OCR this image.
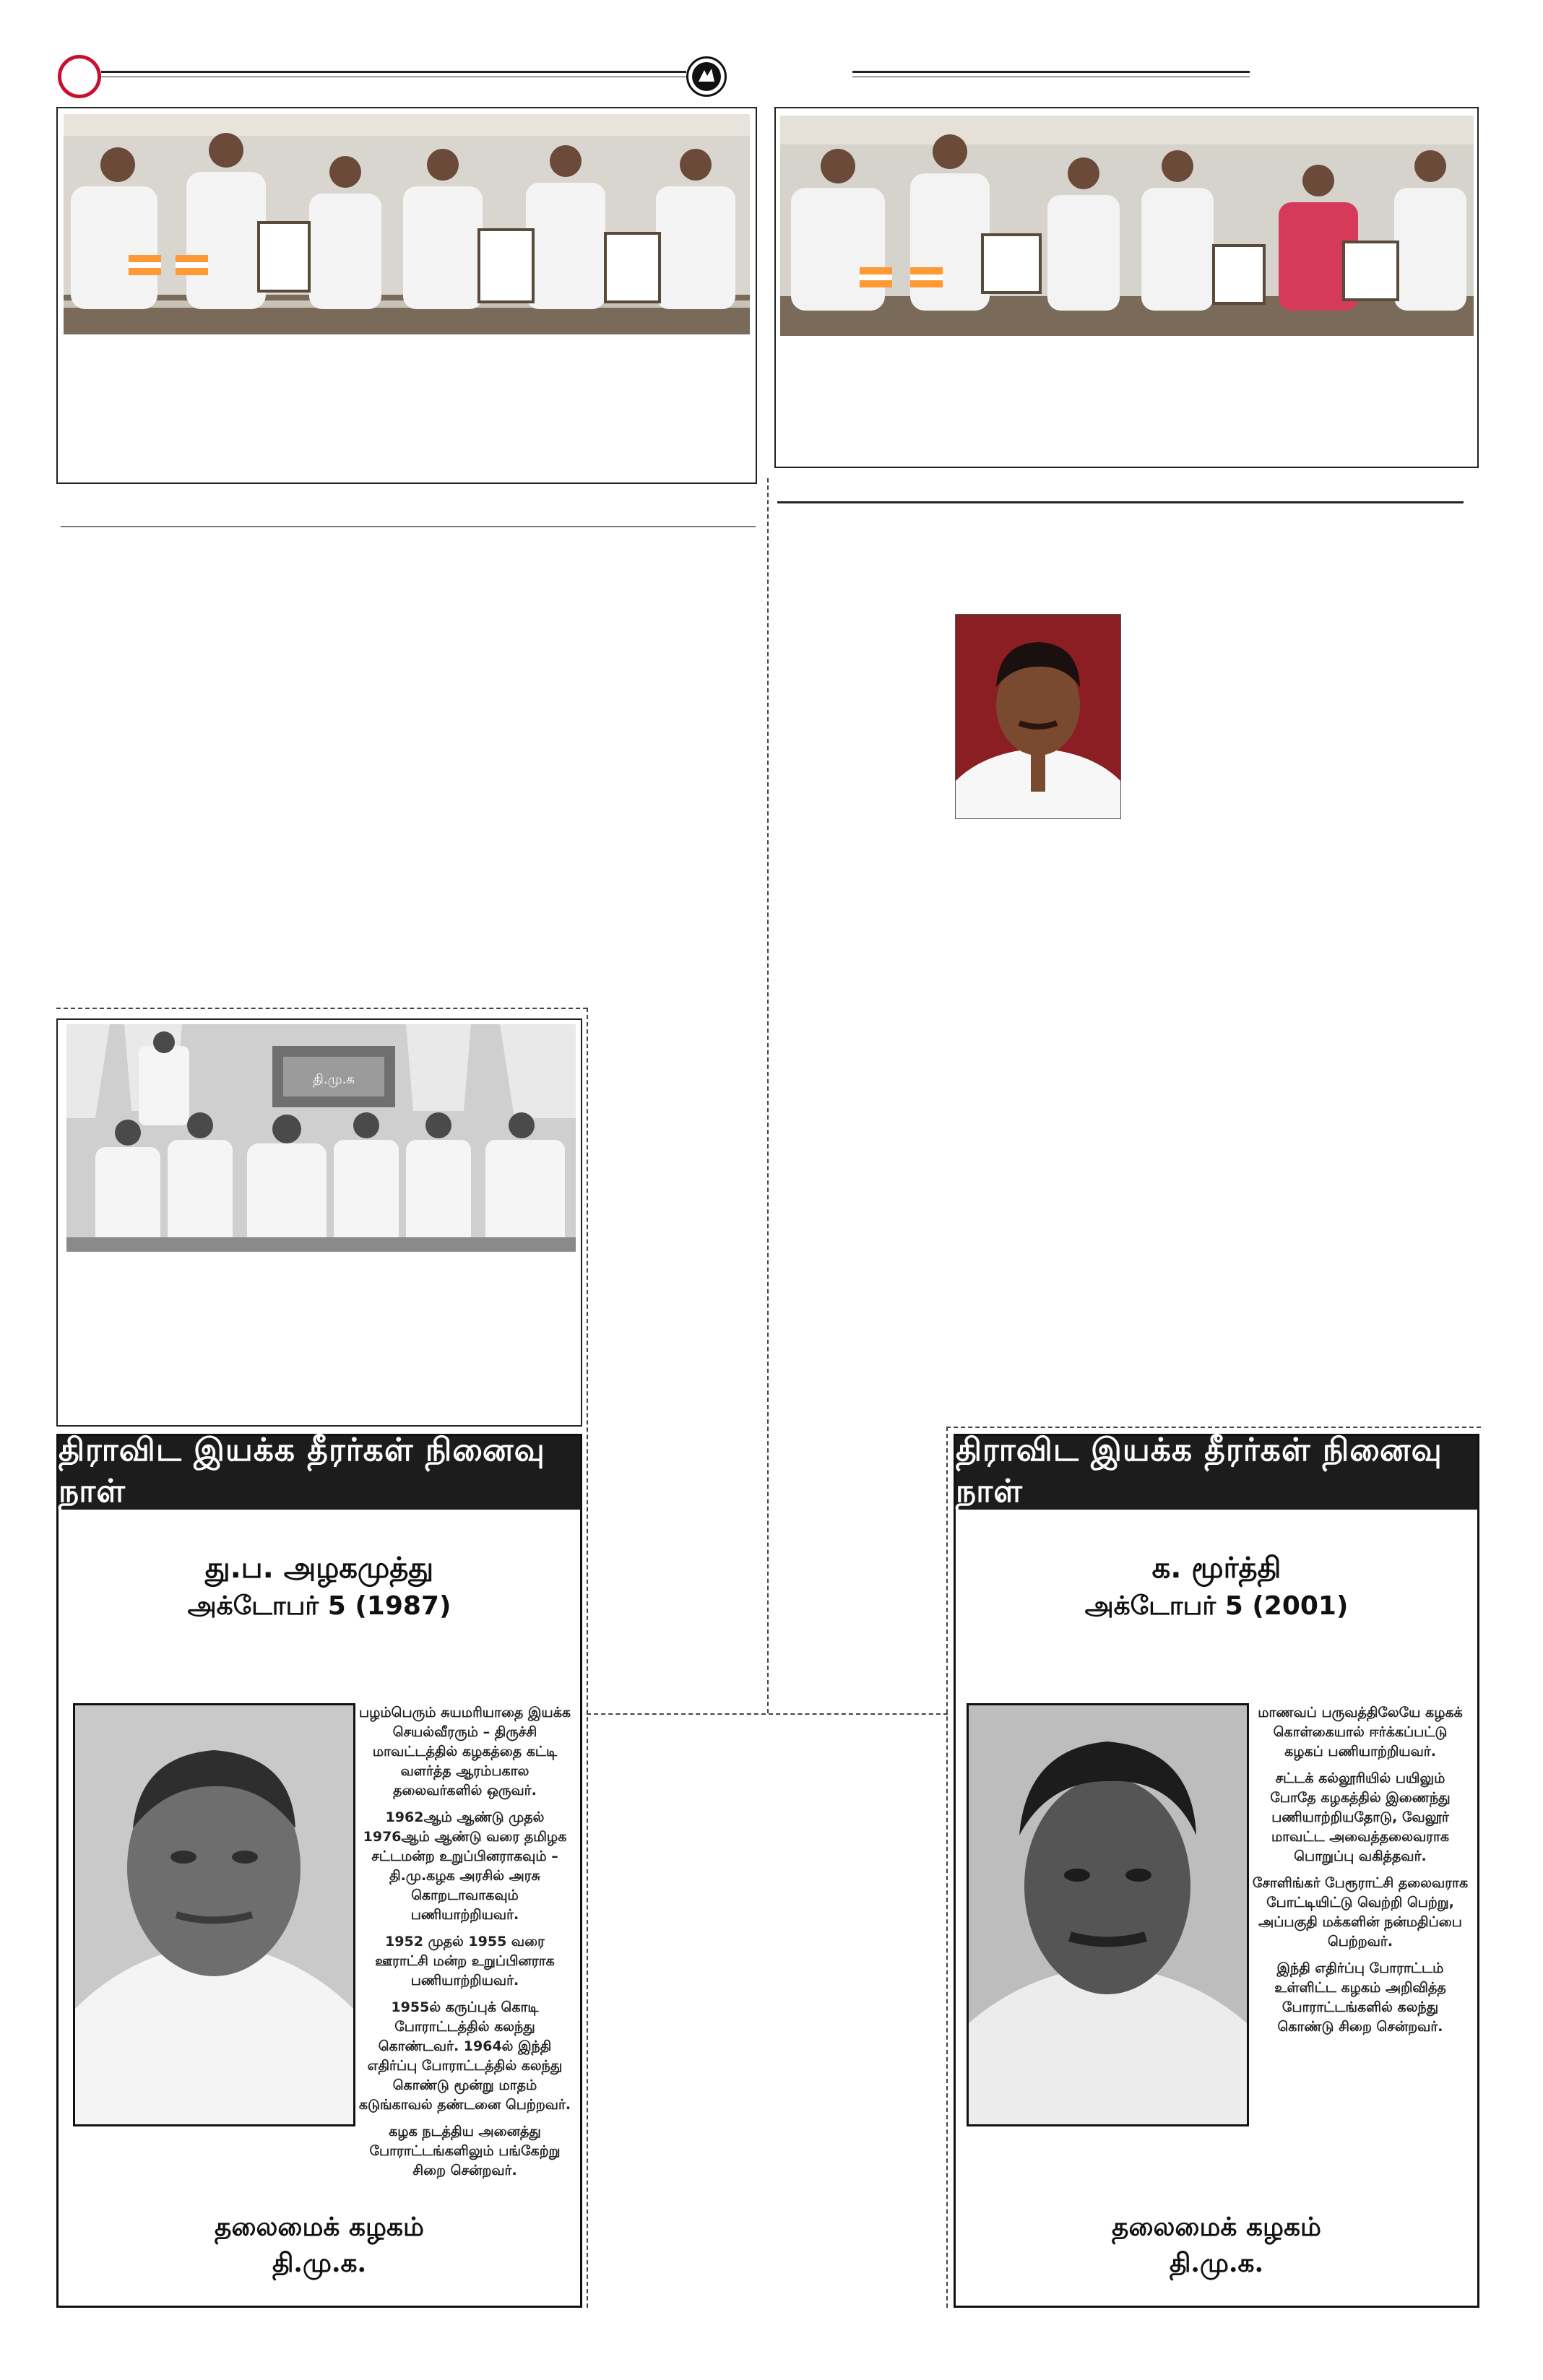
தி.மு.க
திராவிட இயக்க தீரர்கள் நினைவு நாள்
து.ப. அழகமுத்து
அக்டோபர் 5 (1987)

பழம்பெரும் சுயமரியாதை இயக்க செயல்வீரரும் – திருச்சி மாவட்டத்தில் கழகத்தை கட்டி வளர்த்த ஆரம்பகால தலைவர்களில் ஒருவர்.

1962ஆம் ஆண்டு முதல் 1976ஆம் ஆண்டு வரை தமிழக சட்டமன்ற உறுப்பினராகவும் – தி.மு.கழக அரசில் அரசு கொறடாவாகவும் பணியாற்றியவர்.

1952 முதல் 1955 வரை ஊராட்சி மன்ற உறுப்பினராக பணியாற்றியவர்.

1955ல் கருப்புக் கொடி போராட்டத்தில் கலந்து கொண்டவர். 1964ல் இந்தி எதிர்ப்பு போராட்டத்தில் கலந்து கொண்டு மூன்று மாதம் கடுங்காவல் தண்டனை பெற்றவர்.

கழக நடத்திய அனைத்து போராட்டங்களிலும் பங்கேற்று சிறை சென்றவர்.

தலைமைக் கழகம்
தி.மு.க.
திராவிட இயக்க தீரர்கள் நினைவு நாள்
க. மூர்த்தி
அக்டோபர் 5 (2001)

மாணவப் பருவத்திலேயே கழகக் கொள்கையால் ஈர்க்கப்பட்டு கழகப் பணியாற்றியவர்.

சட்டக் கல்லூரியில் பயிலும் போதே கழகத்தில் இணைந்து பணியாற்றியதோடு, வேலூர் மாவட்ட அவைத்தலைவராக பொறுப்பு வகித்தவர்.

சோளிங்கர் பேரூராட்சி தலைவராக போட்டியிட்டு வெற்றி பெற்று, அப்பகுதி மக்களின் நன்மதிப்பை பெற்றவர்.

இந்தி எதிர்ப்பு போராட்டம் உள்ளிட்ட கழகம் அறிவித்த போராட்டங்களில் கலந்து கொண்டு சிறை சென்றவர்.

தலைமைக் கழகம்
தி.மு.க.
